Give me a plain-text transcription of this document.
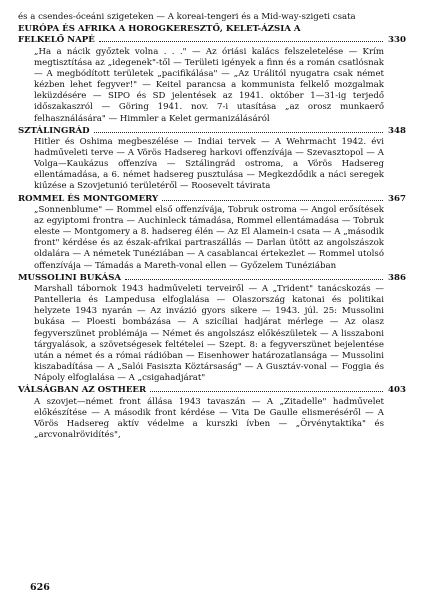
és a csendes-óceáni szigeteken — A koreai-tengeri és a Mid-way-szigeti csata
EURÓPA ÉS AFRIKA A HOROGKERESZTŐ, KELET-ÁZSIA A
FELKELŐ NAPÉ	330
„Ha a nácik győztek volna . . ." — Az óriási kalács felszeletelése — Krím megtisztítása az „idegenek"-től — Területi igények a finn és a román csatlósnak — A megbódított területek „pacifikálása" — „Az Urálitól nyugatra csak német kézben lehet fegyver!" — Keitel parancsa a kommunista felkelő mozgalmak leküzdésére — SIPO és SD jelentések az 1941. október 1—31-ig terjedő időszakaszról — Göring 1941. nov. 7-i utasítása „az orosz munkaerő felhasználására" — Himmler a Kelet germanizálásáról
SZTÁLINGRÁD	348
Hitler és Oshima megbeszélése — Indiai tervek — A Wehrmacht 1942. évi hadműveleti terve — A Vörös Hadsereg harkovi offenzívája — Szevasztopol — A Volga—Kaukázus offenzíva — Sztálingrád ostroma, a Vörös Hadsereg ellentámadása, a 6. német hadsereg pusztulása — Megkezdődik a náci seregek kiűzése a Szovjetunió területéről — Roosevelt távirata
ROMMEL ÉS MONTGOMERY	367
„Sonnenblume" — Rommel első offenzívája, Tobruk ostroma — Angol erősítések az egyiptomi frontra — Auchinleck támadása, Rommel ellentámadása — Tobruk eleste — Montgomery a 8. hadsereg élén — Az El Alamein-i csata — A „második front" kérdése és az észak-afrikai partraszállás — Darlan ütött az angolszászok oldalára — A németek Tunéziában — A casablancai értekezlet — Rommel utolsó offenzívája — Támadás a Mareth-vonal ellen — Győzelem Tunéziában
MUSSOLINI BUKÁSA	386
Marshall tábornok 1943 hadműveleti terveiről — A „Trident" tanácskozás — Pantelleria és Lampedusa elfoglalása — Olaszország katonai és politikai helyzete 1943 nyarán — Az invázió gyors sikere — 1943. júl. 25: Mussolini bukása — Ploesti bombázása — A szicíliai hadjárat mérlege — Az olasz fegyverszünet problémája — Német és angolszász előkészületek — A lisszaboni tárgyalások, a szövetségesek feltételei — Szept. 8: a fegyverszünet bejelentése után a német és a római rádióban — Eisenhower határozatlansága — Mussolini kiszabadítása — A „Salói Fasiszta Köztársaság" — A Gusztáv-vonal — Foggia és Nápoly elfoglalása — A „csigahadjárat"
VÁLSÁGBAN AZ OSTHEER	403
A szovjet—német front állása 1943 tavaszán — A „Zitadelle" hadművelet előkészítése — A második front kérdése — Vita De Gaulle elismeréséről — A Vörös Hadsereg aktív védelme a kurszki ívben — „Örvénytaktika" és „arcvonalrövidítés",
626
